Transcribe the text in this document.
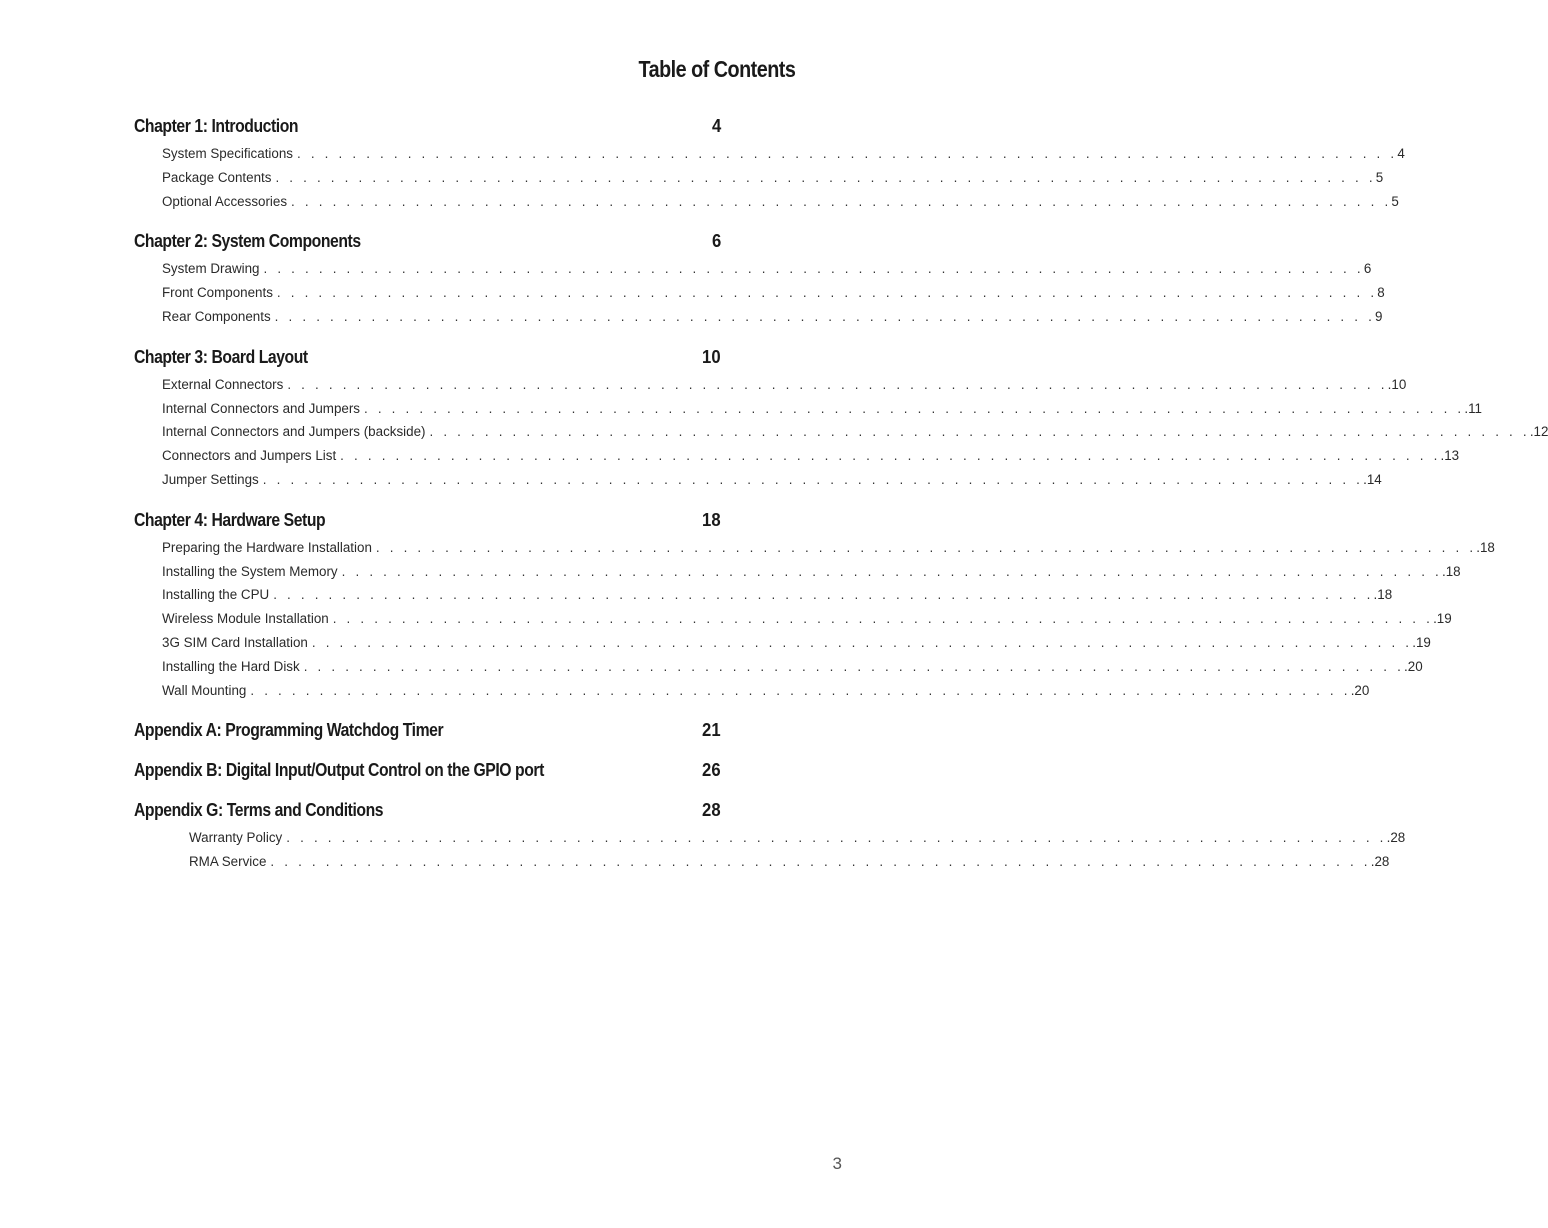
Table of Contents
Chapter 1: Introduction	4
System Specifications . . . . . . . . . . . . . . . . . . . . . . . . . . . . . . . . . . . . . . . . . . . . . . . . . . . . . . . . . . . . . . . . . . . . . . . . . . . . . . . . 4
Package Contents . . . . . . . . . . . . . . . . . . . . . . . . . . . . . . . . . . . . . . . . . . . . . . . . . . . . . . . . . . . . . . . . . . . . . . . . . . . . . . . . 5
Optional Accessories . . . . . . . . . . . . . . . . . . . . . . . . . . . . . . . . . . . . . . . . . . . . . . . . . . . . . . . . . . . . . . . . . . . . . . . . . . . . . . . . 5
Chapter 2: System Components	6
System Drawing . . . . . . . . . . . . . . . . . . . . . . . . . . . . . . . . . . . . . . . . . . . . . . . . . . . . . . . . . . . . . . . . . . . . . . . . . . . . . . . . 6
Front Components . . . . . . . . . . . . . . . . . . . . . . . . . . . . . . . . . . . . . . . . . . . . . . . . . . . . . . . . . . . . . . . . . . . . . . . . . . . . . . . . 8
Rear Components . . . . . . . . . . . . . . . . . . . . . . . . . . . . . . . . . . . . . . . . . . . . . . . . . . . . . . . . . . . . . . . . . . . . . . . . . . . . . . . . 9
Chapter 3: Board Layout	10
External Connectors . . . . . . . . . . . . . . . . . . . . . . . . . . . . . . . . . . . . . . . . . . . . . . . . . . . . . . . . . . . . . . . . . . . . . . . . . . . . . . . . .10
Internal Connectors and Jumpers . . . . . . . . . . . . . . . . . . . . . . . . . . . . . . . . . . . . . . . . . . . . . . . . . . . . . . . . . . . . . . . . . . . . . . . . . . . . . . . . .11
Internal Connectors and Jumpers (backside) . . . . . . . . . . . . . . . . . . . . . . . . . . . . . . . . . . . . . . . . . . . . . . . . . . . . . . . . . . . . . . . . . . . . . . . . . . . . . . . . .12
Connectors and Jumpers List . . . . . . . . . . . . . . . . . . . . . . . . . . . . . . . . . . . . . . . . . . . . . . . . . . . . . . . . . . . . . . . . . . . . . . . . . . . . . . . . .13
Jumper Settings . . . . . . . . . . . . . . . . . . . . . . . . . . . . . . . . . . . . . . . . . . . . . . . . . . . . . . . . . . . . . . . . . . . . . . . . . . . . . . . . .14
Chapter 4: Hardware Setup	18
Preparing the Hardware Installation . . . . . . . . . . . . . . . . . . . . . . . . . . . . . . . . . . . . . . . . . . . . . . . . . . . . . . . . . . . . . . . . . . . . . . . . . . . . . . . . .18
Installing the System Memory . . . . . . . . . . . . . . . . . . . . . . . . . . . . . . . . . . . . . . . . . . . . . . . . . . . . . . . . . . . . . . . . . . . . . . . . . . . . . . . . .18
Installing the CPU . . . . . . . . . . . . . . . . . . . . . . . . . . . . . . . . . . . . . . . . . . . . . . . . . . . . . . . . . . . . . . . . . . . . . . . . . . . . . . . . .18
Wireless Module Installation . . . . . . . . . . . . . . . . . . . . . . . . . . . . . . . . . . . . . . . . . . . . . . . . . . . . . . . . . . . . . . . . . . . . . . . . . . . . . . . . .19
3G SIM Card Installation . . . . . . . . . . . . . . . . . . . . . . . . . . . . . . . . . . . . . . . . . . . . . . . . . . . . . . . . . . . . . . . . . . . . . . . . . . . . . . . . .19
Installing the Hard Disk . . . . . . . . . . . . . . . . . . . . . . . . . . . . . . . . . . . . . . . . . . . . . . . . . . . . . . . . . . . . . . . . . . . . . . . . . . . . . . . . .20
Wall Mounting . . . . . . . . . . . . . . . . . . . . . . . . . . . . . . . . . . . . . . . . . . . . . . . . . . . . . . . . . . . . . . . . . . . . . . . . . . . . . . . . .20
Appendix A: Programming Watchdog Timer	21
Appendix B: Digital Input/Output Control on the GPIO port	26
Appendix G: Terms and Conditions	28
Warranty Policy . . . . . . . . . . . . . . . . . . . . . . . . . . . . . . . . . . . . . . . . . . . . . . . . . . . . . . . . . . . . . . . . . . . . . . . . . . . . . . . . .28
RMA Service . . . . . . . . . . . . . . . . . . . . . . . . . . . . . . . . . . . . . . . . . . . . . . . . . . . . . . . . . . . . . . . . . . . . . . . . . . . . . . . . .28

3
